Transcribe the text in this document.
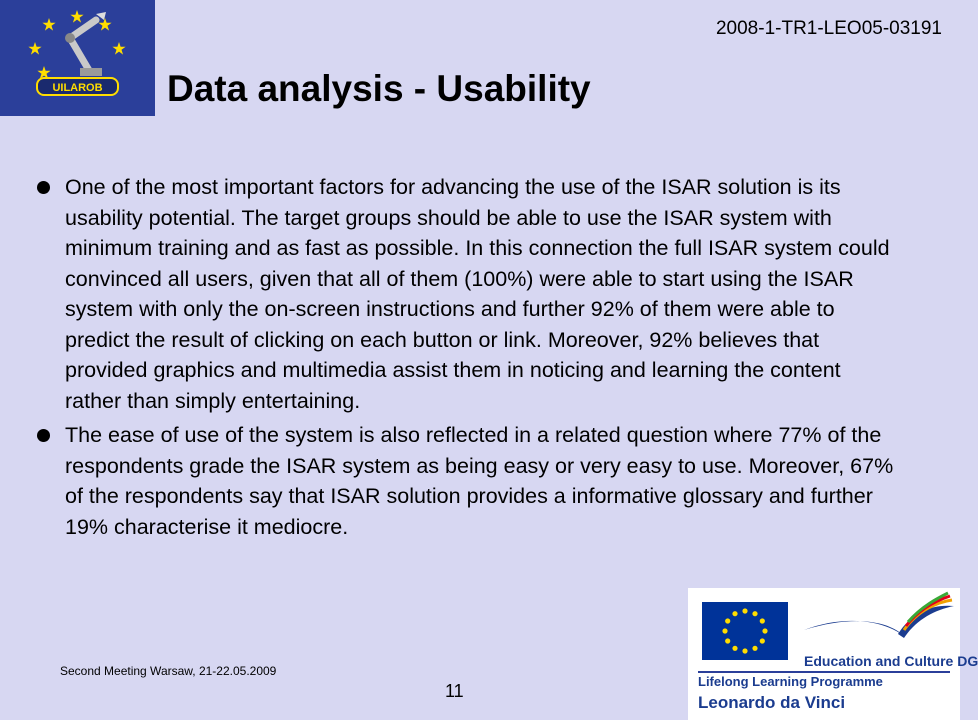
UILAROB
2008-1-TR1-LEO05-03191
Data analysis - Usability
One of the most important factors for advancing the use of the ISAR solution is its usability potential. The target groups should be able to use the ISAR system with minimum training and as fast as possible. In this connection the full ISAR system could convinced all users, given that all of them (100%) were able to start using the ISAR system with only the on-screen instructions and further 92% of them were able to predict the result of clicking on each button or link. Moreover, 92% believes that provided graphics and multimedia assist them in noticing and learning the content rather than simply entertaining.
The ease of use of the system is also reflected in a related question where 77% of the respondents grade the ISAR system as being easy or very easy to use. Moreover, 67% of the respondents say that ISAR solution provides a informative glossary and further 19% characterise it mediocre.
Second Meeting Warsaw, 21-22.05.2009
11
Education and Culture DG
Lifelong Learning Programme
Leonardo da Vinci
